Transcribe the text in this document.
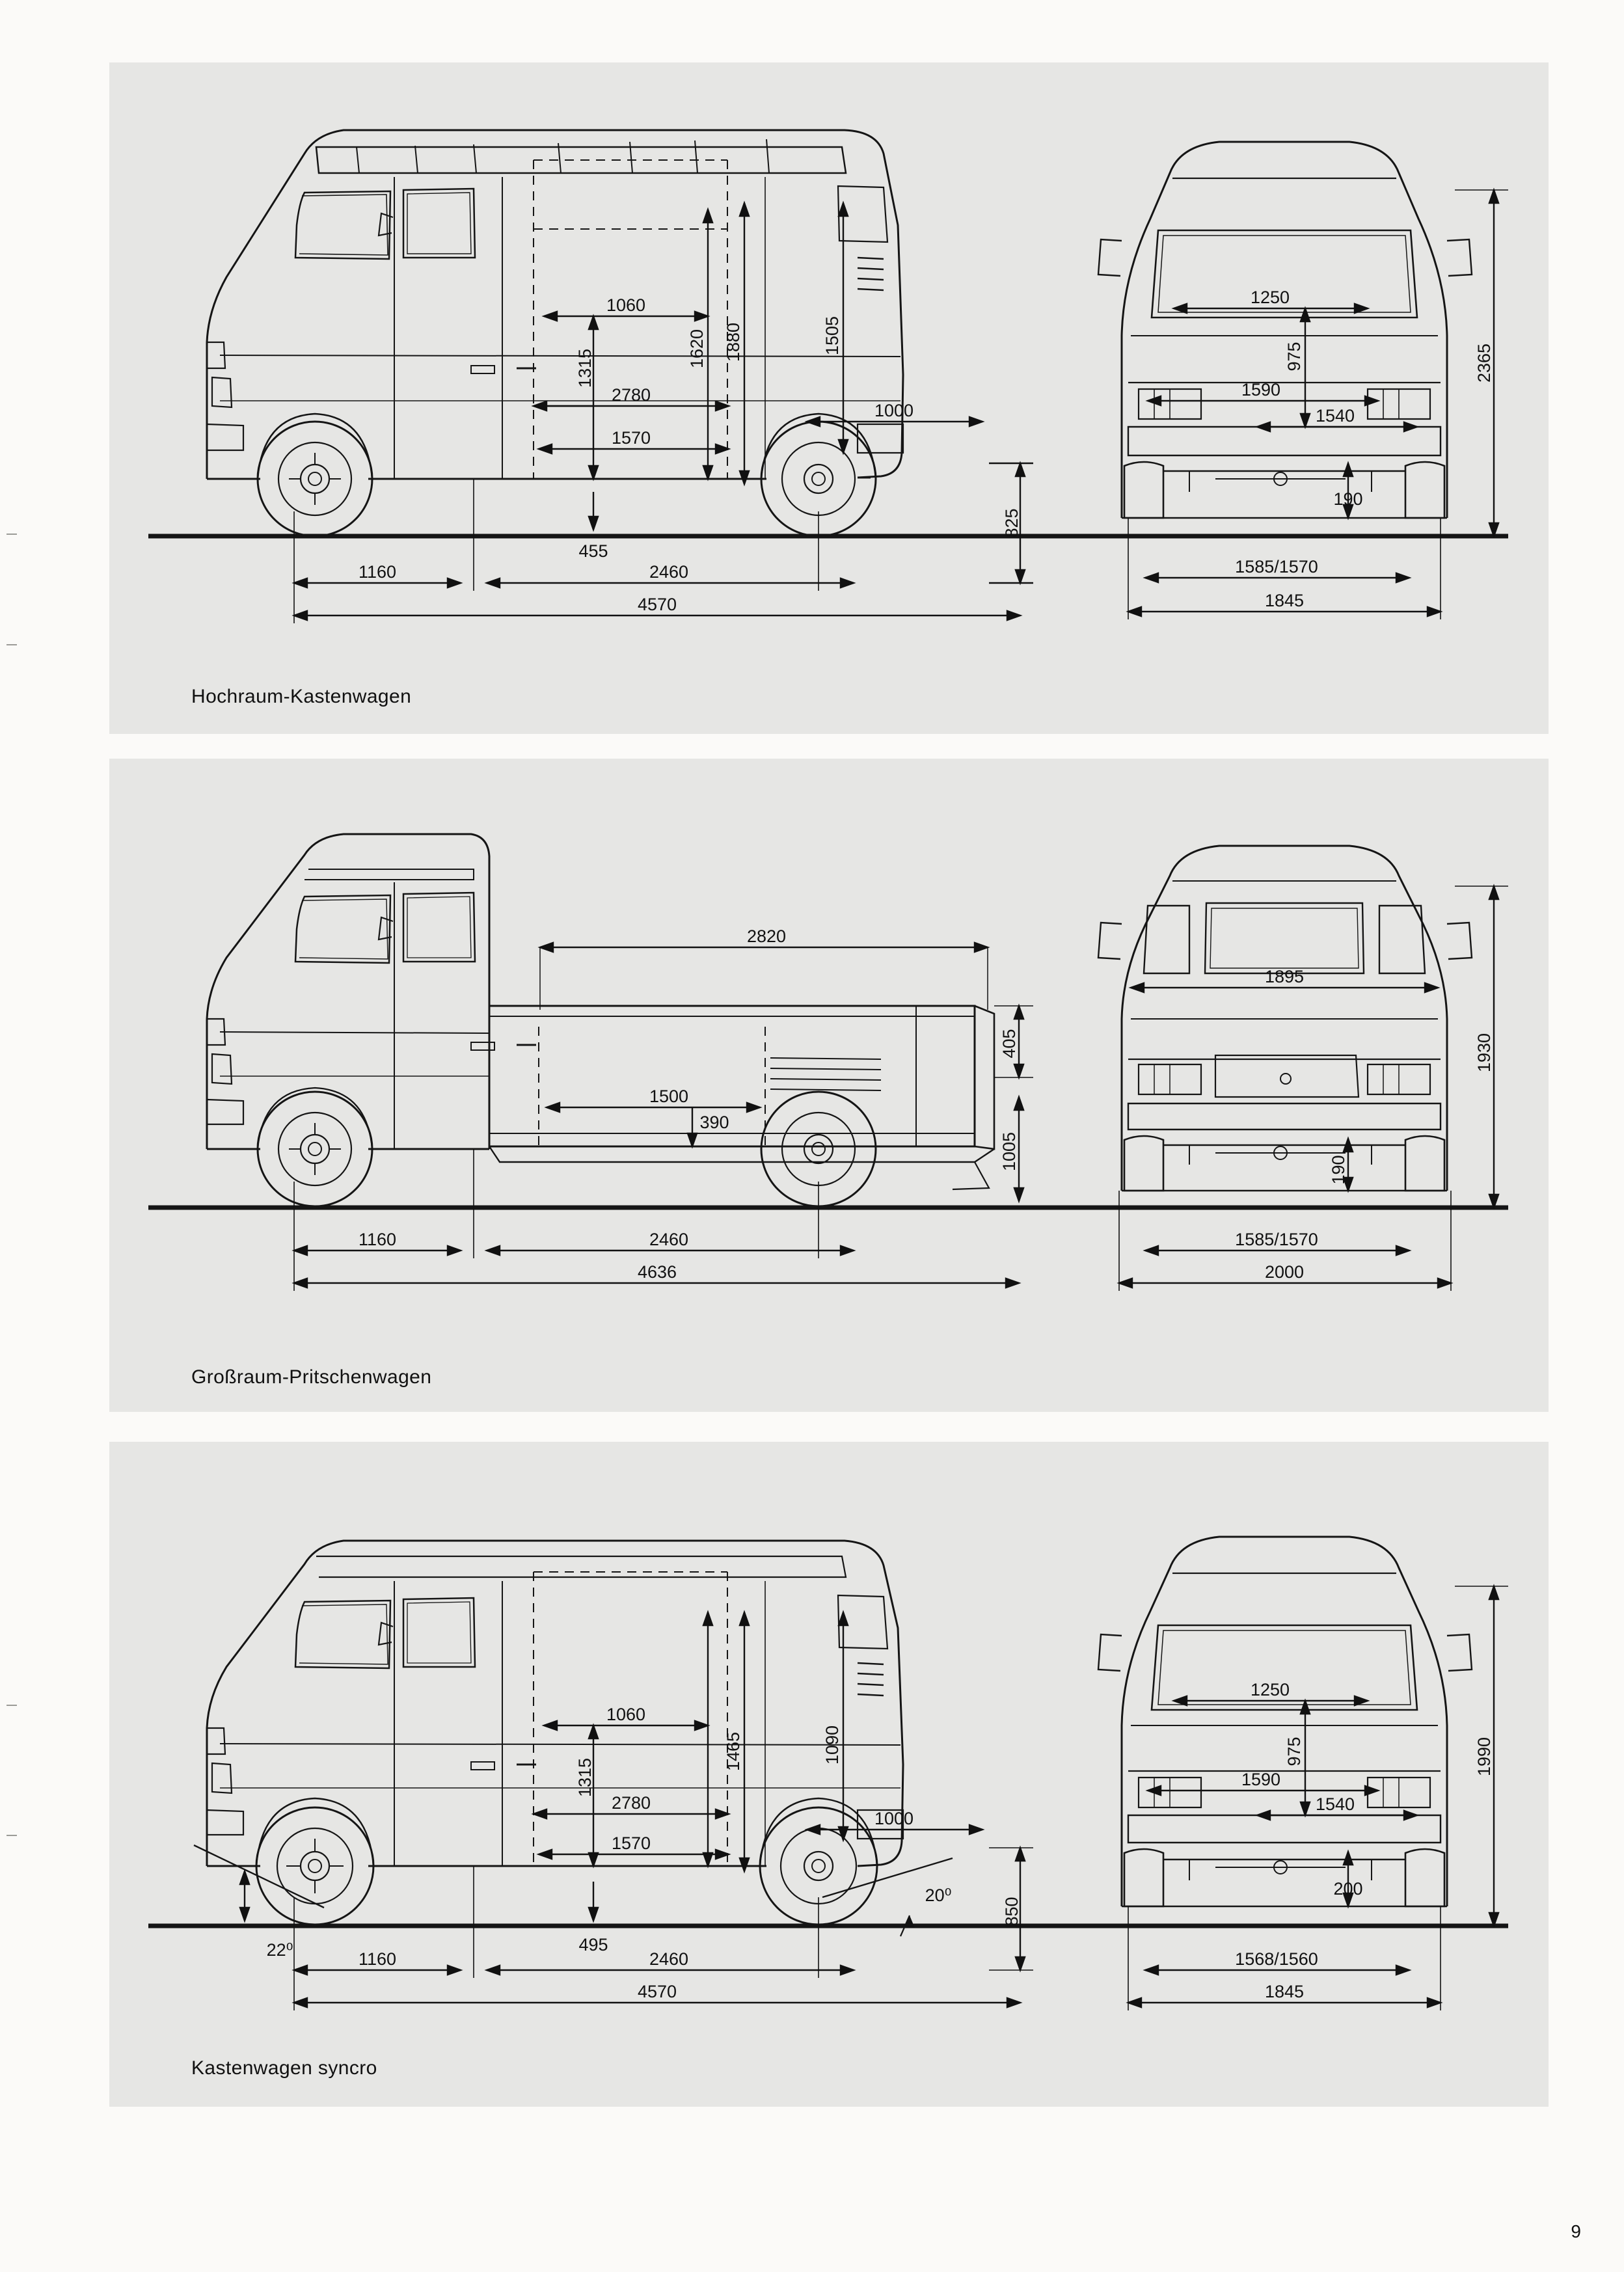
1060
2780
1570
1000
455
1160	2460
4570
1315	1620 1880	1505
825
1250
1590
1540
190
1585/1570
1845
975	2365
Hochraum-Kastenwagen
2820
1500
390
1160	2460
4636
405
1005
1895
1585/1570
2000
1930
190
Großraum-Pritschenwagen
1060
2780
1570
1000
495
22⁰
20⁰
1160	2460
4570
1315
1465	1090
850
1250
1590
1540
200
1568/1560
1845
975	1990
Kastenwagen syncro
9
